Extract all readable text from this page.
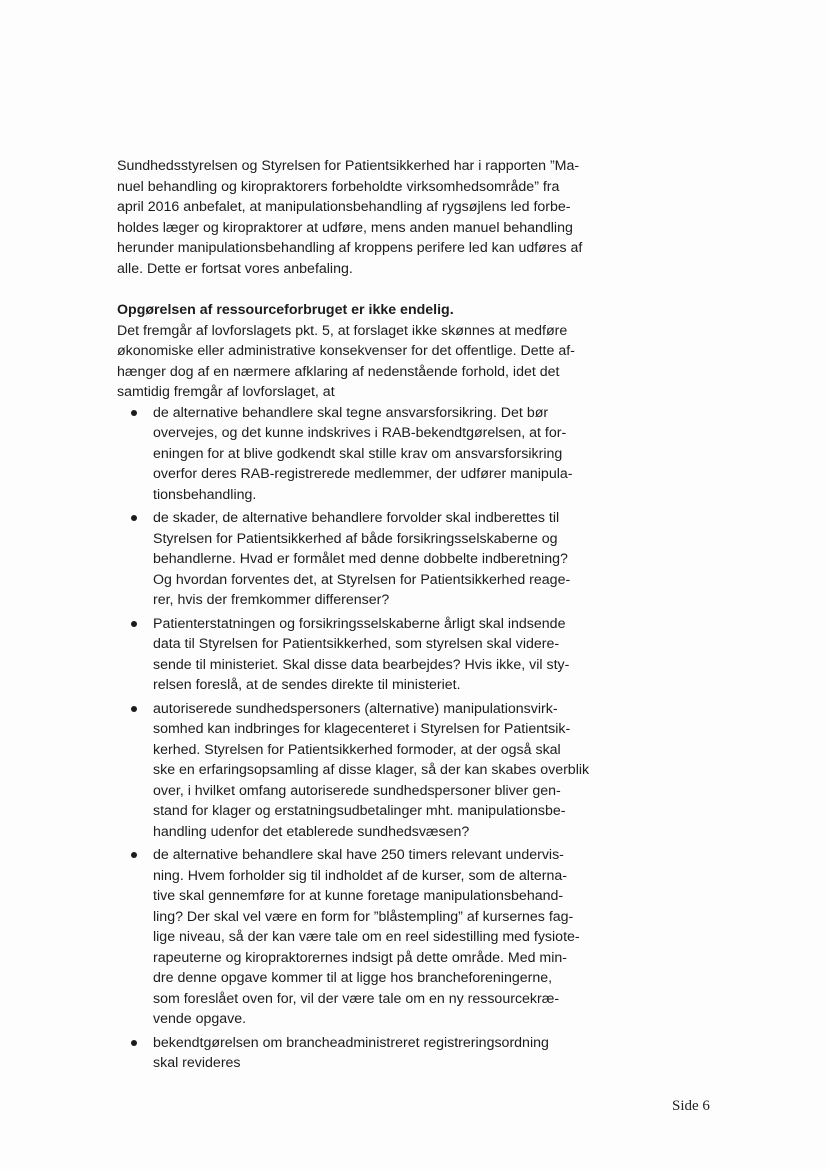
Sundhedsstyrelsen og Styrelsen for Patientsikkerhed har i rapporten ”Ma-
nuel behandling og kiropraktorers forbeholdte virksomhedsområde” fra
april 2016 anbefalet, at manipulationsbehandling af rygsøjlens led forbe-
holdes læger og kiropraktorer at udføre, mens anden manuel behandling
herunder manipulationsbehandling af kroppens perifere led kan udføres af
alle. Dette er fortsat vores anbefaling.

Opgørelsen af ressourceforbruget er ikke endelig.

Det fremgår af lovforslagets pkt. 5, at forslaget ikke skønnes at medføre
økonomiske eller administrative konsekvenser for det offentlige. Dette af-
hænger dog af en nærmere afklaring af nedenstående forhold, idet det
samtidig fremgår af lovforslaget, at

de alternative behandlere skal tegne ansvarsforsikring. Det bør
overvejes, og det kunne indskrives i RAB-bekendtgørelsen, at for-
eningen for at blive godkendt skal stille krav om ansvarsforsikring
overfor deres RAB-registrerede medlemmer, der udfører manipula-
tionsbehandling.
de skader, de alternative behandlere forvolder skal indberettes til
Styrelsen for Patientsikkerhed af både forsikringsselskaberne og
behandlerne. Hvad er formålet med denne dobbelte indberetning?
Og hvordan forventes det, at Styrelsen for Patientsikkerhed reage-
rer, hvis der fremkommer differenser?
Patienterstatningen og forsikringsselskaberne årligt skal indsende
data til Styrelsen for Patientsikkerhed, som styrelsen skal videre-
sende til ministeriet. Skal disse data bearbejdes? Hvis ikke, vil sty-
relsen foreslå, at de sendes direkte til ministeriet.
autoriserede sundhedspersoners (alternative) manipulationsvirk-
somhed kan indbringes for klagecenteret i Styrelsen for Patientsik-
kerhed. Styrelsen for Patientsikkerhed formoder, at der også skal
ske en erfaringsopsamling af disse klager, så der kan skabes overblik
over, i hvilket omfang autoriserede sundhedspersoner bliver gen-
stand for klager og erstatningsudbetalinger mht. manipulationsbe-
handling udenfor det etablerede sundhedsvæsen?
de alternative behandlere skal have 250 timers relevant undervis-
ning. Hvem forholder sig til indholdet af de kurser, som de alterna-
tive skal gennemføre for at kunne foretage manipulationsbehand-
ling? Der skal vel være en form for ”blåstempling” af kursernes fag-
lige niveau, så der kan være tale om en reel sidestilling med fysiote-
rapeuterne og kiropraktorernes indsigt på dette område. Med min-
dre denne opgave kommer til at ligge hos brancheforeningerne,
som foreslået oven for, vil der være tale om en ny ressourcekræ-
vende opgave.
bekendtgørelsen om brancheadministreret registreringsordning
skal revideres
Side 6
